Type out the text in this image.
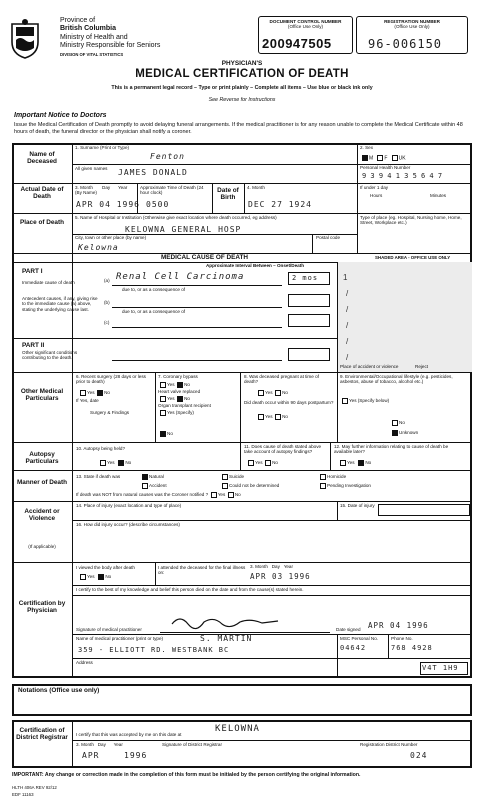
Province of
British Columbia
Ministry of Health and
Ministry Responsible for Seniors
DIVISION OF VITAL STATISTICS
DOCUMENT CONTROL NUMBER
(Office Use Only)
200947505
REGISTRATION NUMBER
(Office Use Only)
96-006150
PHYSICIAN'S
MEDICAL CERTIFICATION OF DEATH
This is a permanent legal record – Type or print plainly – Complete all items – Use blue or black ink only
See Reverse for Instructions
Important Notice to Doctors
Issue the Medical Certification of Death promptly to avoid delaying funeral arrangements. If the medical practitioner is for any reason unable to complete the Medical Certificate within 48 hours of death, the funeral director or the physician shall notify a coroner.
Name of Deceased
1. Surname (Print or Type)
Fenton
All given names JAMES DONALD
2. Sex
M F UK
Personal Health Number
9 3 9 4 1 3 5 6 4 7
Actual Date of Death
3. Month
(By Name)
Day Year
APR 04 1996
Approximate Time of Death (24 hour clock)
0500
Date of Birth
4. Month
DEC 27 1924
If under 1 day
Hours	Minutes
Place of Death
5. Name of Hospital or Institution (Otherwise give exact location where death occurred, eg address)
KELOWNA GENERAL HOSP
City, town or other place (by name)
Kelowna
Postal code
Type of place (eg. Hospital, Nursing home, Home, Street, Workplace etc.)
MEDICAL CAUSE OF DEATH	SHADED AREA - OFFICE USE ONLY
Approximate Interval Between – Onset/Death
PART I
Immediate cause of death
Antecedent causes, if any, giving rise to the immediate cause (a) above, stating the underlying cause last.
(a) Renal Cell Carcinoma	2 mos
due to, or as a consequence of
(b)
due to, or as a consequence of
(c)
1
/
/
/
/
/
PART II
Other significant conditions contributing to the death.
Place of accident or violence	Reject
Other Medical Particulars
6. Recent surgery (28 days or less prior to death)
Yes No
If Yes, date
Surgery & Findings
7. Coronary bypass
Yes No
Heart valve replaced
Yes No
Organ transplant recipient
Yes (Specify)
No
8. Was deceased pregnant at time of death?
Yes No
Did death occur within 90 days postpartum?
Yes No
9. Environmental/Occupational lifestyle (e.g. pesticides, asbestos, abuse of tobacco, alcohol etc.)
Yes (Specify below)
No
Unknown
Autopsy Particulars
10. Autopsy being held?
Yes No
11. Does cause of death stated above take account of autopsy findings?
Yes No
12. May further information relating to cause of death be available later?
Yes No
Manner of Death
13. State if death was	Natural
Accident
Suicide
Could not be determined
Homicide
Pending Investigation
If death was NOT from natural causes was the Coroner notified ? Yes No
Accident or Violence
(If applicable)
14. Place of injury (exact location and type of place)	15. Date of injury
16. How did injury occur? (describe circumstances)
Certification by Physician
I viewed the body after death
Yes No
I attended the deceased for the final illness on:
3. Month Day Year
APR 03 1996
I certify to the best of my knowledge and belief this person died on the date and from the cause(s) stated herein.
Signature of medical practitioner	Date signed APR 04 1996
Name of medical practitioner (print or type)	S. MARTIN
359 - ELLIOTT RD. WESTBANK BC
MSC Personal No.
04642
Phone No.
768 4928
Address
V4T 1H9
Notations (Office use only)
Certification of District Registrar	I certify that this was accepted by me on this date at
KELOWNA
3. Month Day Year
APR	1996
Signature of District Registrar	Registration District Number
024
IMPORTANT: Any change or correction made in the completion of this form must be initialed by the person certifying the original information.
HLTH 406A REV 92/12
EDF 11163
